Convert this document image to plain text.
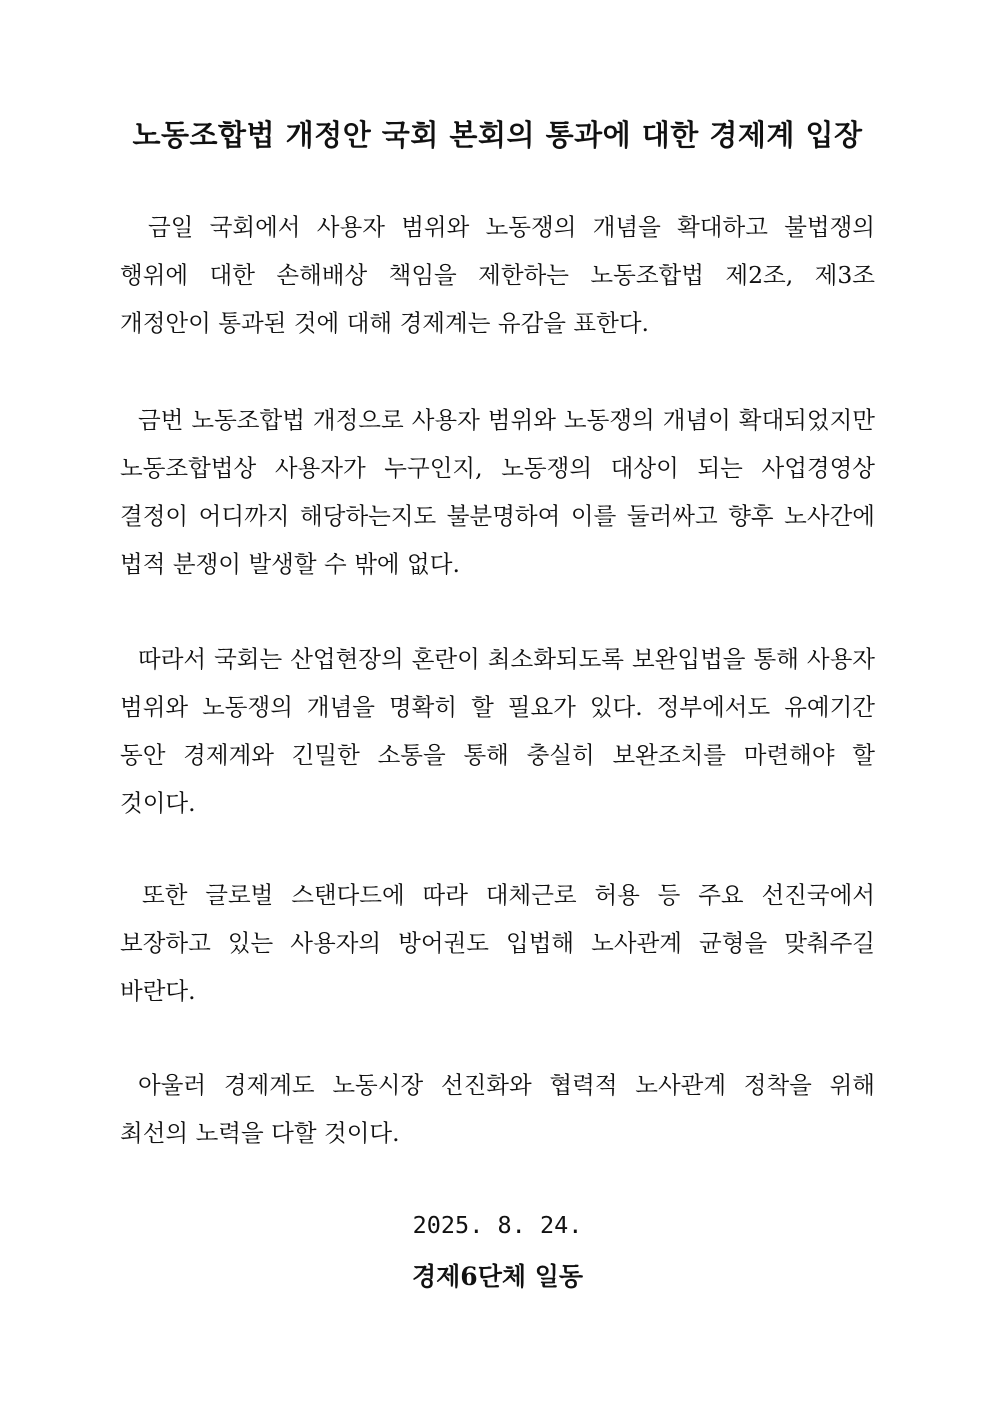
노동조합법 개정안 국회 본회의 통과에 대한 경제계 입장
금일 국회에서 사용자 범위와 노동쟁의 개념을 확대하고 불법쟁의 행위에 대한 손해배상 책임을 제한하는 노동조합법 제2조, 제3조 개정안이 통과된 것에 대해 경제계는 유감을 표한다.
금번 노동조합법 개정으로 사용자 범위와 노동쟁의 개념이 확대되었지만 노동조합법상 사용자가 누구인지, 노동쟁의 대상이 되는 사업경영상 결정이 어디까지 해당하는지도 불분명하여 이를 둘러싸고 향후 노사간에 법적 분쟁이 발생할 수 밖에 없다.
따라서 국회는 산업현장의 혼란이 최소화되도록 보완입법을 통해 사용자 범위와 노동쟁의 개념을 명확히 할 필요가 있다. 정부에서도 유예기간 동안 경제계와 긴밀한 소통을 통해 충실히 보완조치를 마련해야 할 것이다.
또한 글로벌 스탠다드에 따라 대체근로 허용 등 주요 선진국에서 보장하고 있는 사용자의 방어권도 입법해 노사관계 균형을 맞춰주길 바란다.
아울러 경제계도 노동시장 선진화와 협력적 노사관계 정착을 위해 최선의 노력을 다할 것이다.
2025. 8. 24.
경제6단체 일동
